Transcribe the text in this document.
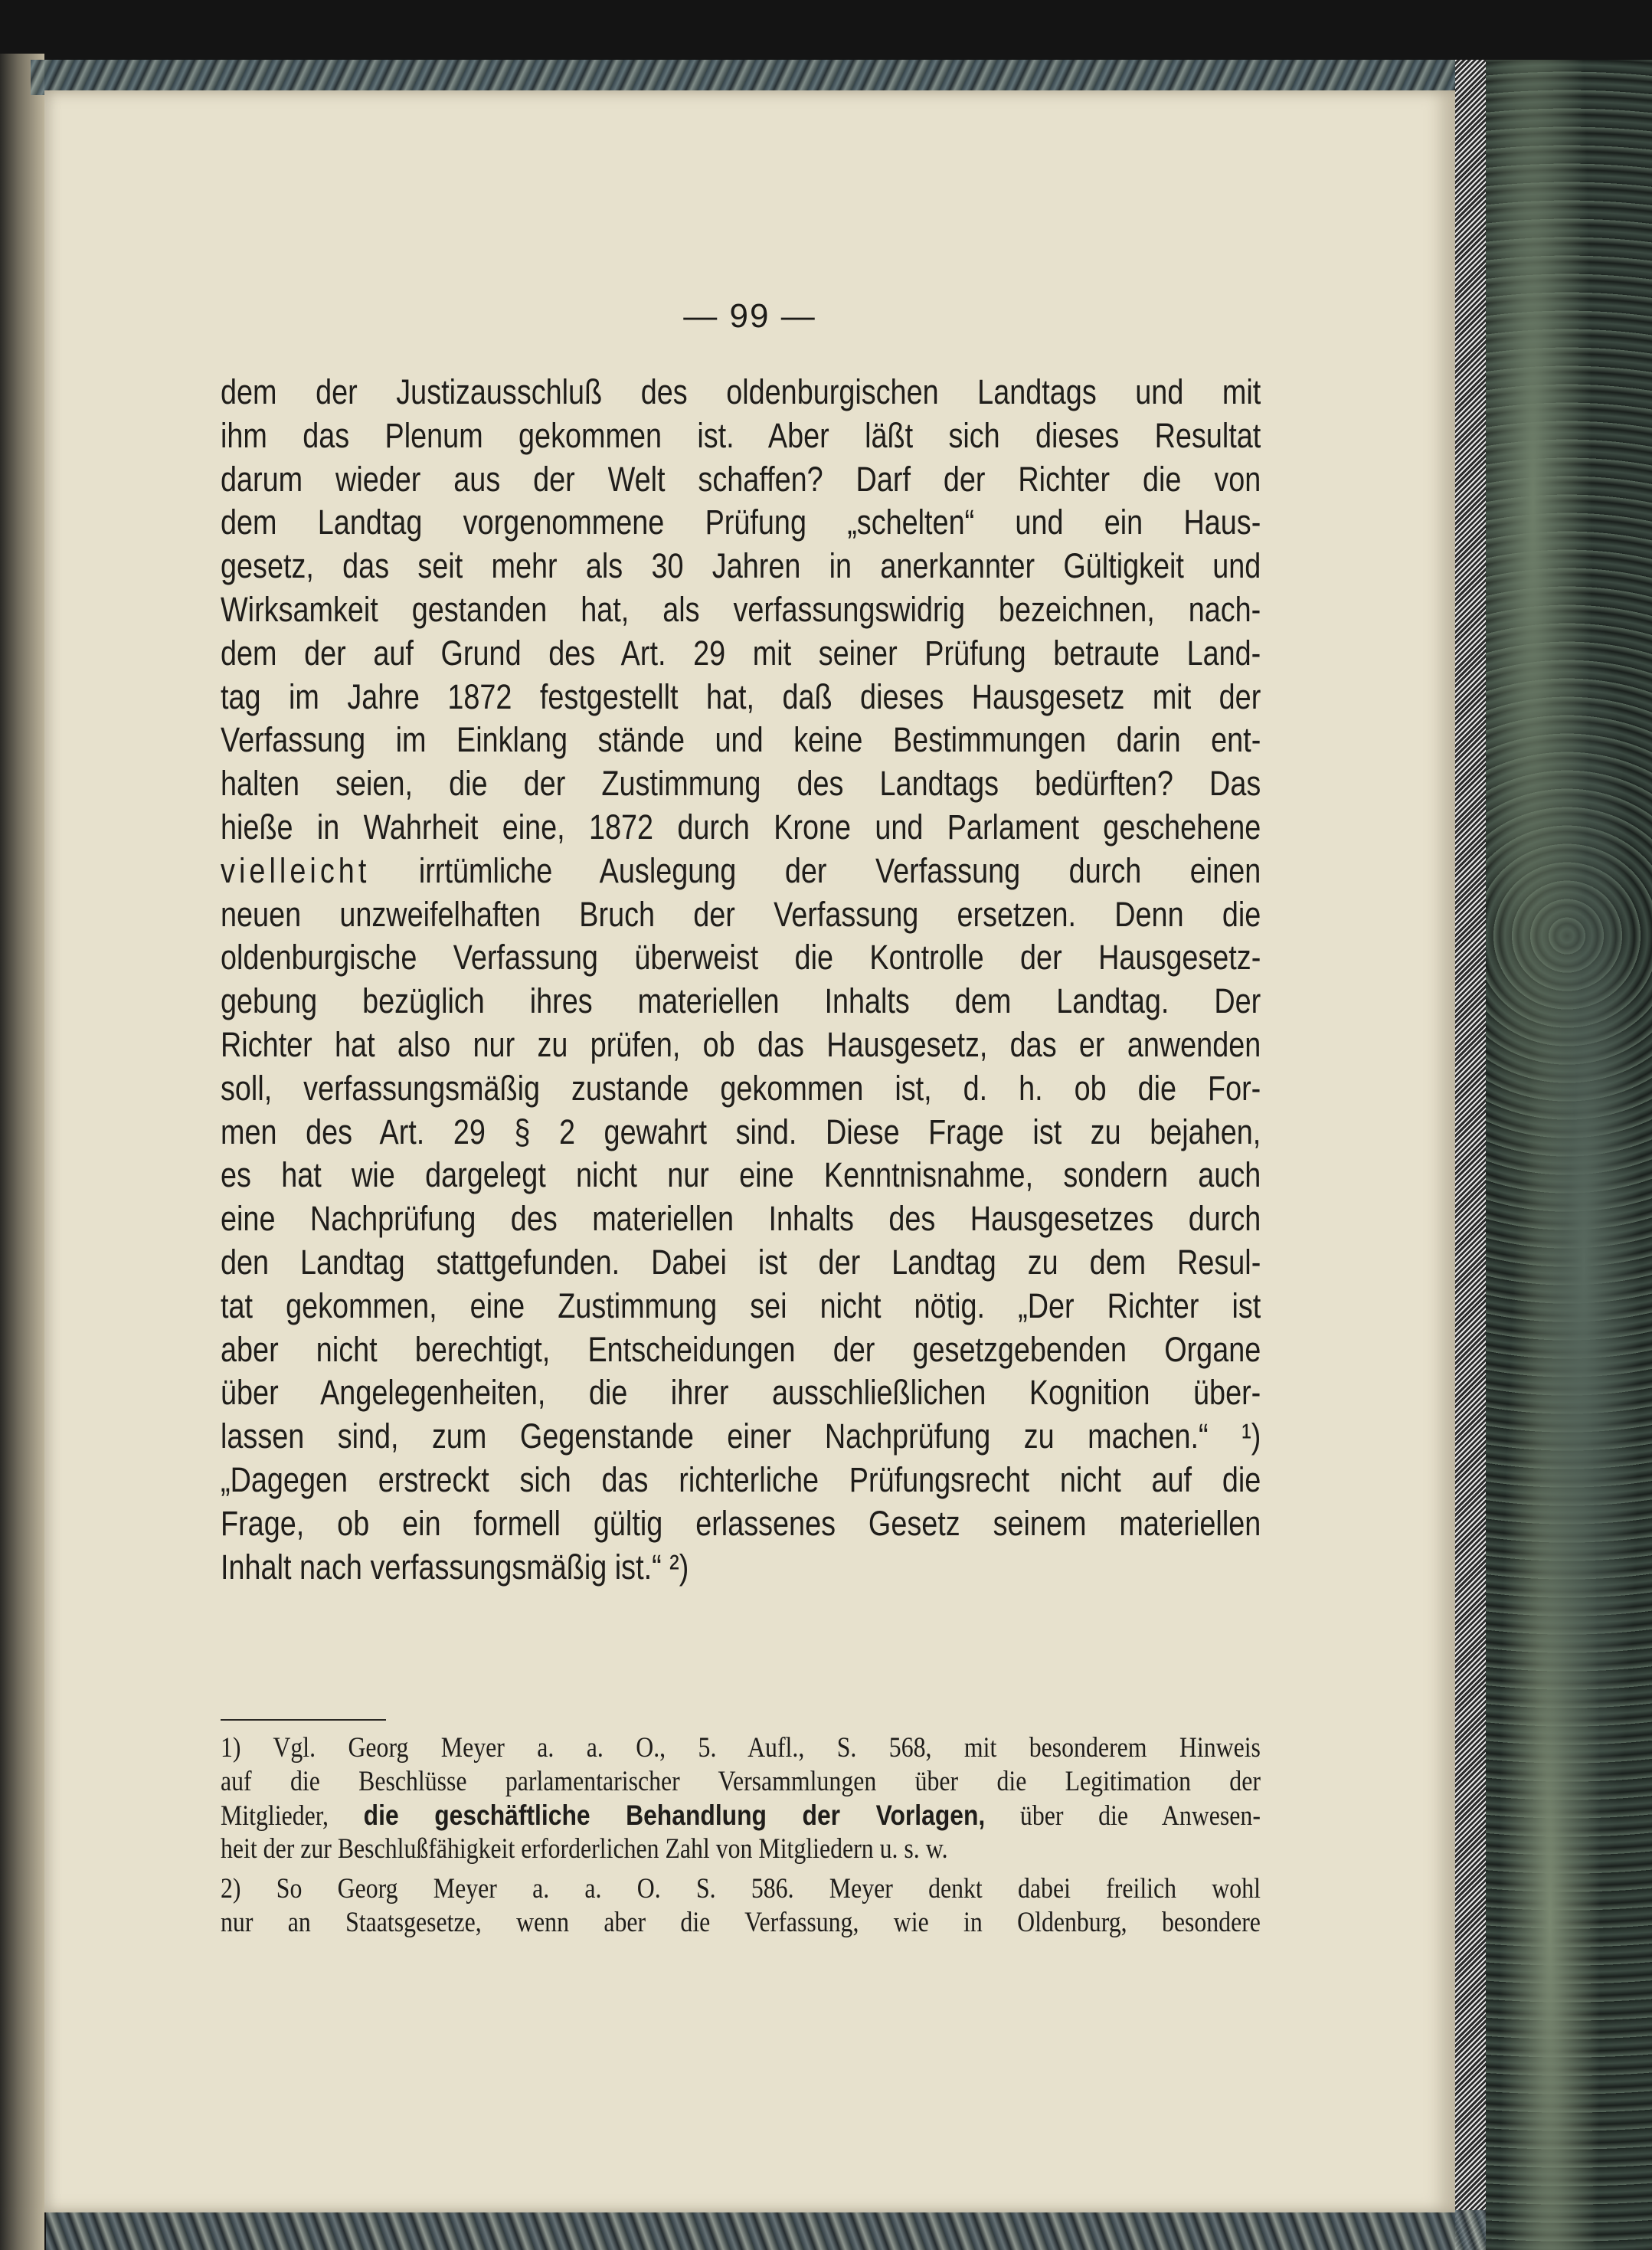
— 99 —
dem der Justizausschluß des oldenburgischen Landtags und mit
ihm das Plenum gekommen ist. Aber läßt sich dieses Resultat
darum wieder aus der Welt schaffen? Darf der Richter die von
dem Landtag vorgenommene Prüfung „schelten“ und ein Haus-
gesetz, das seit mehr als 30 Jahren in anerkannter Gültigkeit und
Wirksamkeit gestanden hat, als verfassungswidrig bezeichnen, nach-
dem der auf Grund des Art. 29 mit seiner Prüfung betraute Land-
tag im Jahre 1872 festgestellt hat, daß dieses Hausgesetz mit der
Verfassung im Einklang stände und keine Bestimmungen darin ent-
halten seien, die der Zustimmung des Landtags bedürften? Das
hieße in Wahrheit eine, 1872 durch Krone und Parlament geschehene
vielleicht irrtümliche Auslegung der Verfassung durch einen
neuen unzweifelhaften Bruch der Verfassung ersetzen. Denn die
oldenburgische Verfassung überweist die Kontrolle der Hausgesetz-
gebung bezüglich ihres materiellen Inhalts dem Landtag. Der
Richter hat also nur zu prüfen, ob das Hausgesetz, das er anwenden
soll, verfassungsmäßig zustande gekommen ist, d. h. ob die For-
men des Art. 29 § 2 gewahrt sind. Diese Frage ist zu bejahen,
es hat wie dargelegt nicht nur eine Kenntnisnahme, sondern auch
eine Nachprüfung des materiellen Inhalts des Hausgesetzes durch
den Landtag stattgefunden. Dabei ist der Landtag zu dem Resul-
tat gekommen, eine Zustimmung sei nicht nötig. „Der Richter ist
aber nicht berechtigt, Entscheidungen der gesetzgebenden Organe
über Angelegenheiten, die ihrer ausschließlichen Kognition über-
lassen sind, zum Gegenstande einer Nachprüfung zu machen.“ ¹)
„Dagegen erstreckt sich das richterliche Prüfungsrecht nicht auf die
Frage, ob ein formell gültig erlassenes Gesetz seinem materiellen
Inhalt nach verfassungsmäßig ist.“ ²)
1) Vgl. Georg Meyer a. a. O., 5. Aufl., S. 568, mit besonderem Hinweis
auf die Beschlüsse parlamentarischer Versammlungen über die Legitimation der
Mitglieder, die geschäftliche Behandlung der Vorlagen, über die Anwesen-
heit der zur Beschlußfähigkeit erforderlichen Zahl von Mitgliedern u. s. w.
2) So Georg Meyer a. a. O. S. 586. Meyer denkt dabei freilich wohl
nur an Staatsgesetze, wenn aber die Verfassung, wie in Oldenburg, besondere
